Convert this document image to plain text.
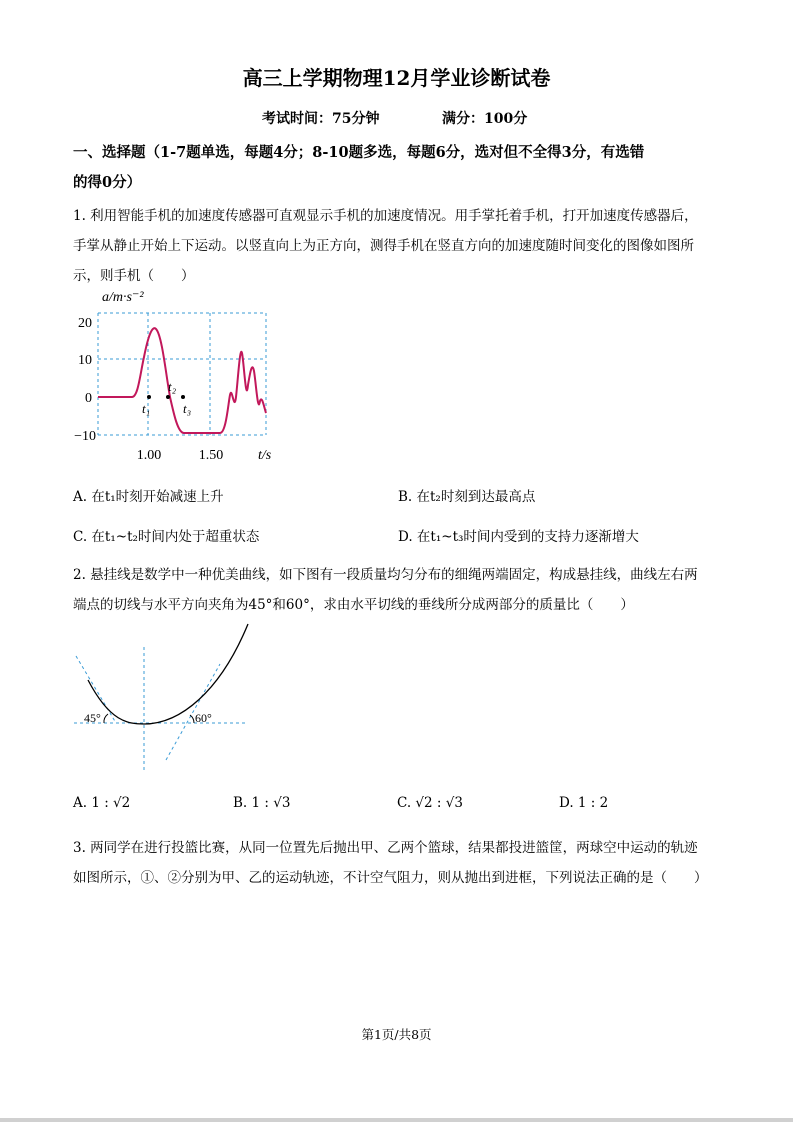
高三上学期物理12月学业诊断试卷
考试时间：75分钟	满分：100分
一、选择题（1-7题单选，每题4分；8-10题多选，每题6分，选对但不全得3分，有选错
的得0分）
1. 利用智能手机的加速度传感器可直观显示手机的加速度情况。用手掌托着手机，打开加速度传感器后，
手掌从静止开始上下运动。以竖直向上为正方向，测得手机在竖直方向的加速度随时间变化的图像如图所
示，则手机（　　）
a/m·s⁻²
20
10
0
−10
1.00	1.50 t/s
t₁
t₂
t₃
A. 在t₁时刻开始减速上升	B. 在t₂时刻到达最高点
C. 在t₁~t₂时间内处于超重状态	D. 在t₁~t₃时间内受到的支持力逐渐增大
2. 悬挂线是数学中一种优美曲线，如下图有一段质量均匀分布的细绳两端固定，构成悬挂线，曲线左右两
端点的切线与水平方向夹角为45°和60°，求由水平切线的垂线所分成两部分的质量比（　　）
45°	60°
A. 1 : √2	B. 1 : √3	C. √2 : √3	D. 1 : 2
3. 两同学在进行投篮比赛，从同一位置先后抛出甲、乙两个篮球，结果都投进篮筐，两球空中运动的轨迹
如图所示，①、②分别为甲、乙的运动轨迹，不计空气阻力，则从抛出到进框，下列说法正确的是（　　）
第1页/共8页
